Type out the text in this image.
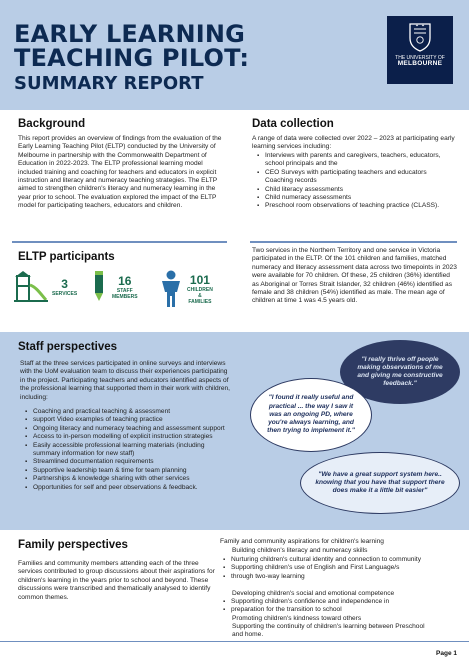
EARLY LEARNING
TEACHING PILOT:
SUMMARY REPORT
THE UNIVERSITY OF
MELBOURNE
Background
This report provides an overview of findings from the evaluation of the Early Learning Teaching Pilot (ELTP) conducted by the University of Melbourne in partnership with the Commonwealth Department of Education in 2022-2023. The ELTP professional learning model included training and coaching for teachers and educators in explicit instruction and literacy and numeracy teaching strategies. The ELTP aimed to strengthen children's literacy and numeracy learning in the year prior to school. The evaluation explored the impact of the ELTP model for participating teachers, educators and children.
Data collection
A range of data were collected over 2022 – 2023 at participating early learning services including:
▪ Interviews with parents and caregivers, teachers, educators, school principals and the
▪ CEO Surveys with participating teachers and educators Coaching records
▪ Child literacy assessments
▪ Child numeracy assessments
▪ Preschool room observations of teaching practice (CLASS).
ELTP participants
3
SERVICES
16
STAFF
MEMBERS
101
CHILDREN
&
FAMILIES
Two services in the Northern Territory and one service in Victoria participated in the ELTP. Of the 101 children and families, matched numeracy and literacy assessment data across two timepoints in 2023 were available for 70 children. Of these, 25 children (36%) identified as Aboriginal or Torres Strait Islander, 32 children (46%) identified as female and 38 children (54%) identified as male. The mean age of children at time 1 was 4.5 years old.
Staff perspectives
Staff at the three services participated in online surveys and interviews with the UoM evaluation team to discuss their experiences participating in the project. Participating teachers and educators identified aspects of the professional learning that supported them in their work with children, including:
▪ Coaching and practical teaching & assessment
▪ support Video examples of teaching practice
▪ Ongoing literacy and numeracy teaching and assessment support
▪ Access to in-person modelling of explicit instruction strategies
▪ Easily accessible professional learning materials (including summary information for new staff)
▪ Streamlined documentation requirements
▪ Supportive leadership team & time for team planning
▪ Partnerships & knowledge sharing with other services
▪ Opportunities for self and peer observations & feedback.
"I really thrive off people making observations of me and giving me constructive feedback."
"I found it really useful and practical ... the way I saw it was an ongoing PD, where you're always learning, and then trying to implement it."
"We have a great support system here.. knowing that you have that support there does make it a little bit easier"
Family perspectives
Families and community members attending each of the three services contributed to group discussions about their aspirations for children's learning in the years prior to school and beyond. These discussions were transcribed and thematically analysed to identify common themes.
Family and community aspirations for children's learning
Building children's literacy and numeracy skills
▪ Nurturing children's cultural identity and connection to community
▪ Supporting children's use of English and First Language/s
▪ through two-way learning
Developing children's social and emotional competence
▪ Supporting children's confidence and independence in
▪ preparation for the transition to school
Promoting children's kindness toward others
Supporting the continuity of children's learning between Preschool and home.
Page 1
